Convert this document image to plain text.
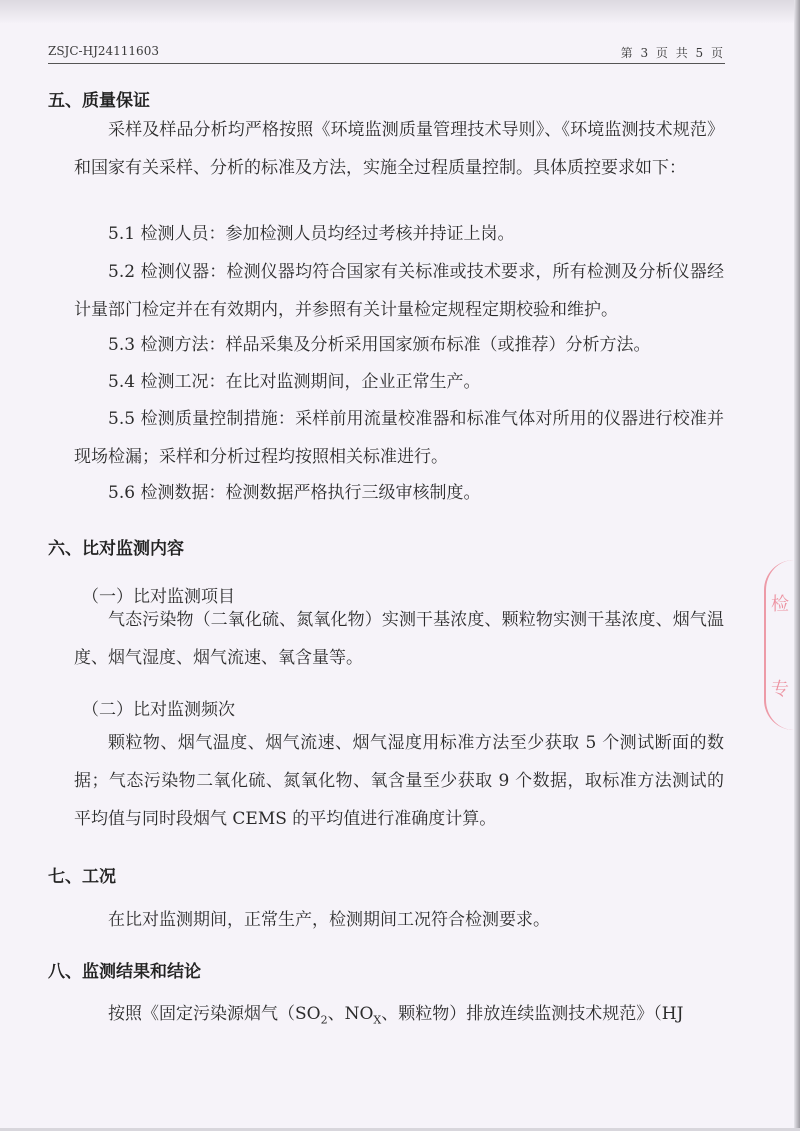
ZSJC-HJ24111603	第 3 页 共 5 页
五、质量保证
采样及样品分析均严格按照《环境监测质量管理技术导则》、《环境监测技术规范》和国家有关采样、分析的标准及方法，实施全过程质量控制。具体质控要求如下：
5.1 检测人员：参加检测人员均经过考核并持证上岗。
5.2 检测仪器：检测仪器均符合国家有关标准或技术要求，所有检测及分析仪器经计量部门检定并在有效期内，并参照有关计量检定规程定期校验和维护。
5.3 检测方法：样品采集及分析采用国家颁布标准（或推荐）分析方法。
5.4 检测工况：在比对监测期间，企业正常生产。
5.5 检测质量控制措施：采样前用流量校准器和标准气体对所用的仪器进行校准并现场检漏；采样和分析过程均按照相关标准进行。
5.6 检测数据：检测数据严格执行三级审核制度。
六、比对监测内容
（一）比对监测项目
气态污染物（二氧化硫、氮氧化物）实测干基浓度、颗粒物实测干基浓度、烟气温度、烟气湿度、烟气流速、氧含量等。
（二）比对监测频次
颗粒物、烟气温度、烟气流速、烟气湿度用标准方法至少获取 5 个测试断面的数据；气态污染物二氧化硫、氮氧化物、氧含量至少获取 9 个数据，取标准方法测试的平均值与同时段烟气 CEMS 的平均值进行准确度计算。
七、工况
在比对监测期间，正常生产，检测期间工况符合检测要求。
八、监测结果和结论
按照《固定污染源烟气（$SO_2$、$NO_X$、颗粒物）排放连续监测技术规范》（HJ
检
专
